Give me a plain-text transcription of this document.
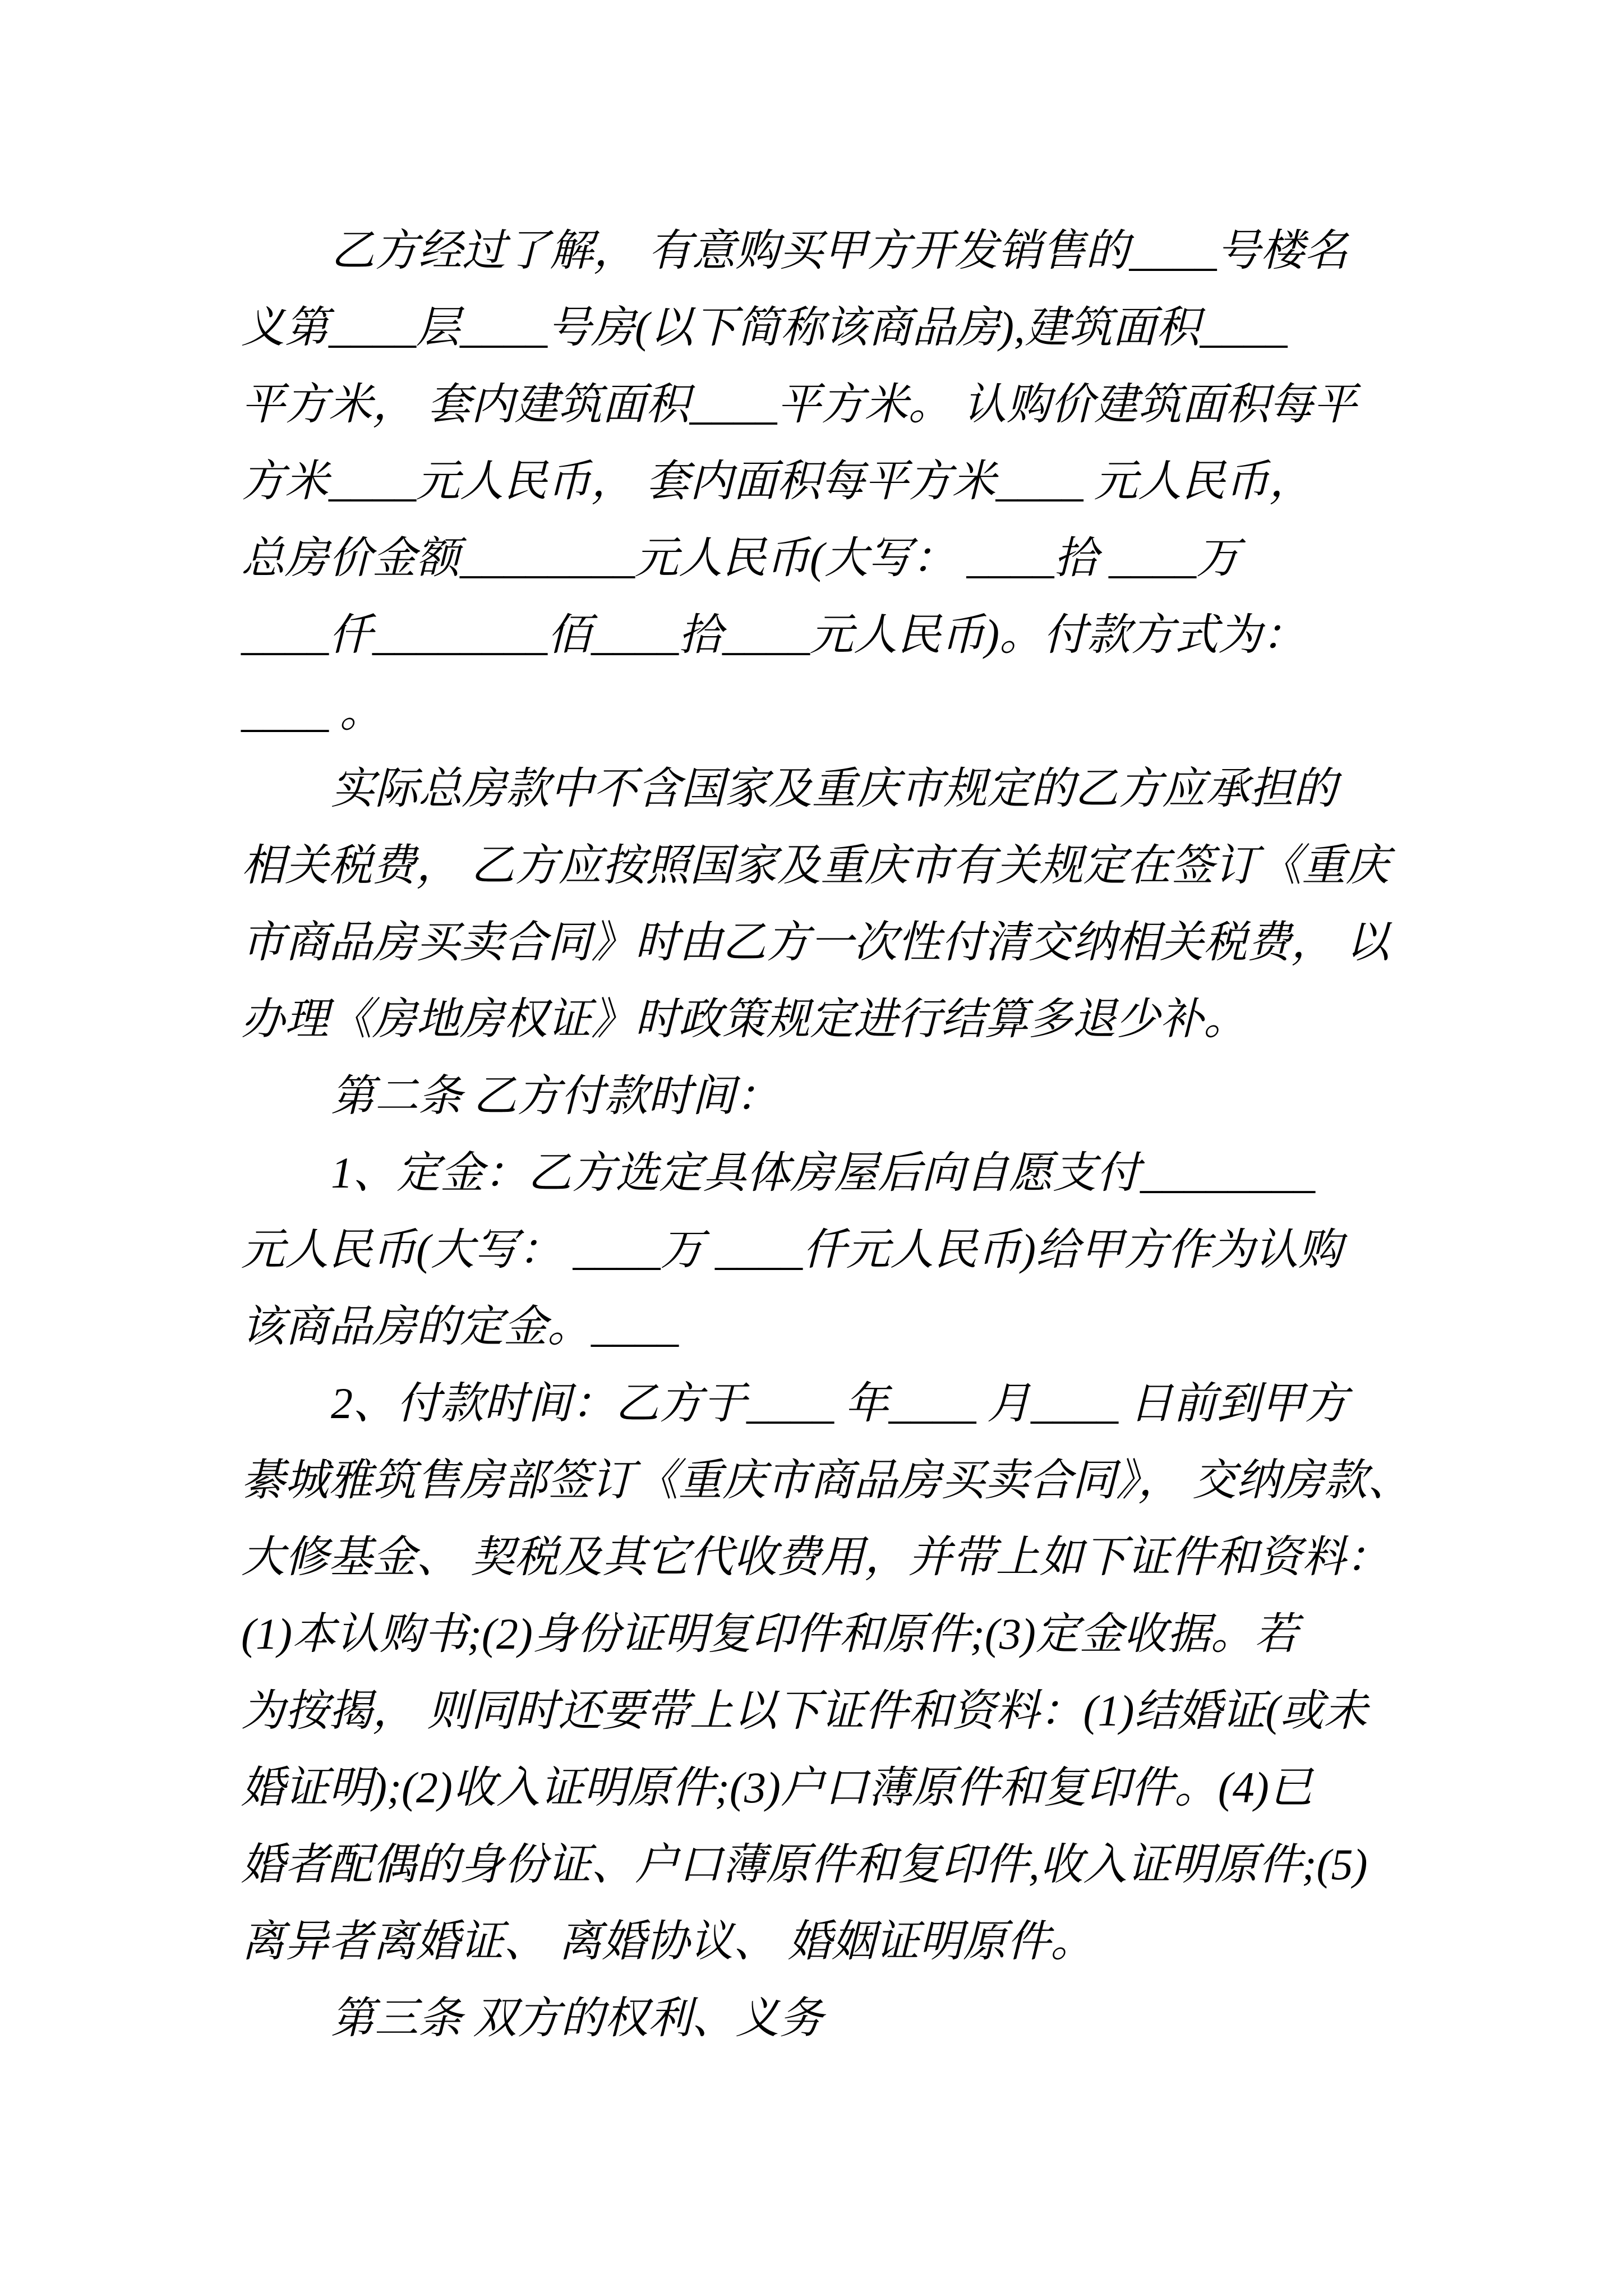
乙方经过了解， 有意购买甲方开发销售的____号楼名
义第____层____号房(以下简称该商品房),建筑面积____
平方米， 套内建筑面积____平方米。 认购价建筑面积每平
方米____元人民币， 套内面积每平方米____ 元人民币，
总房价金额________元人民币(大写： ____拾 ____万
____仟________佰____拾____元人民币)。付款方式为：
____ 。
实际总房款中不含国家及重庆市规定的乙方应承担的
相关税费， 乙方应按照国家及重庆市有关规定在签订《重庆
市商品房买卖合同》时由乙方一次性付清交纳相关税费， 以
办理《房地房权证》时政策规定进行结算多退少补。
第二条 乙方付款时间：
1、定金：乙方选定具体房屋后向自愿支付________
元人民币(大写： ____万 ____仟元人民币)给甲方作为认购
该商品房的定金。____
2、付款时间：乙方于____ 年____ 月____ 日前到甲方
綦城雅筑售房部签订《重庆市商品房买卖合同》， 交纳房款、
大修基金、 契税及其它代收费用，并带上如下证件和资料：
(1)本认购书;(2)身份证明复印件和原件;(3)定金收据。若
为按揭， 则同时还要带上以下证件和资料：(1)结婚证(或未
婚证明);(2)收入证明原件;(3)户口薄原件和复印件。(4)已
婚者配偶的身份证、户口薄原件和复印件,收入证明原件;(5)
离异者离婚证、 离婚协议、 婚姻证明原件。
第三条 双方的权利、义务
